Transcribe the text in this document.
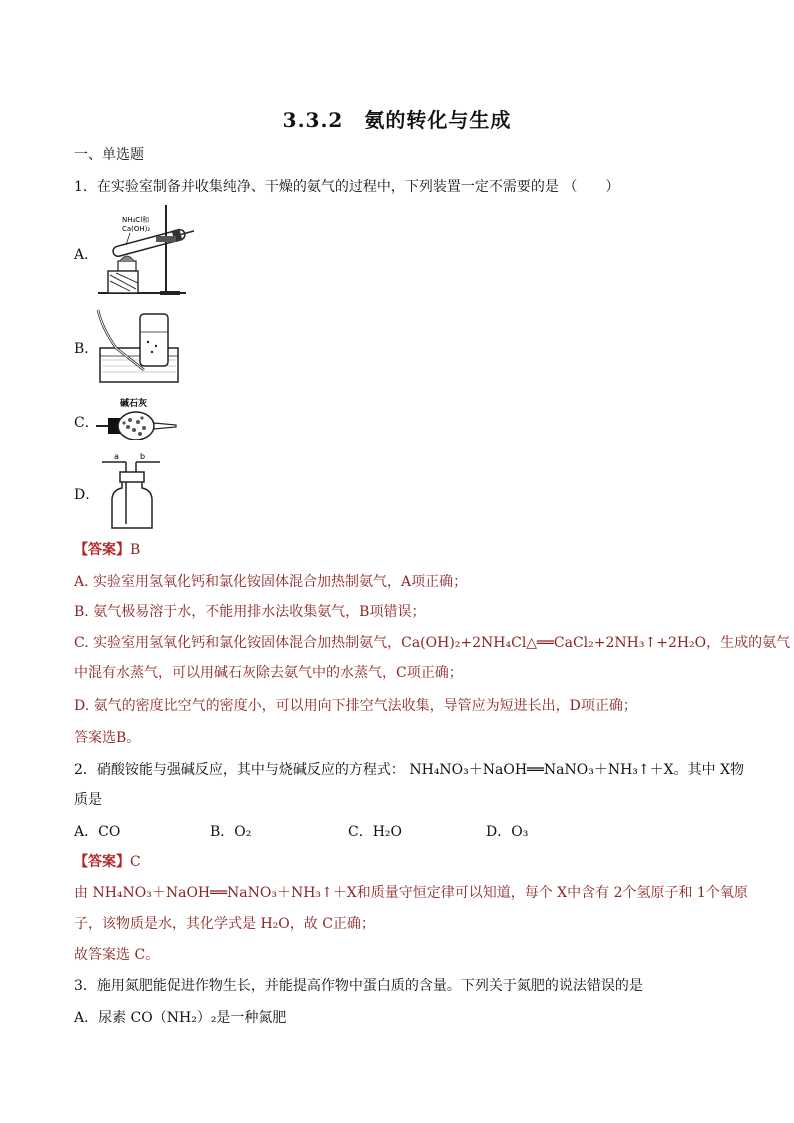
3.3.2　氨的转化与生成
一、单选题
1．在实验室制备并收集纯净、干燥的氨气的过程中，下列装置一定不需要的是 （　　）
A．
NH₄Cl和
Ca(OH)₂
B．
C．
碱石灰
D．
a	b
【答案】B
A. 实验室用氢氧化钙和氯化铵固体混合加热制氨气，A项正确；
B. 氨气极易溶于水，不能用排水法收集氨气，B项错误；
C. 实验室用氢氧化钙和氯化铵固体混合加热制氨气，Ca(OH)₂+2NH₄Cl△══CaCl₂+2NH₃↑+2H₂O，生成的氨气
中混有水蒸气，可以用碱石灰除去氨气中的水蒸气，C项正确；
D. 氨气的密度比空气的密度小，可以用向下排空气法收集，导管应为短进长出，D项正确；
答案选B。
2．硝酸铵能与强碱反应，其中与烧碱反应的方程式： NH₄NO₃＋NaOH══NaNO₃＋NH₃↑＋X。其中 X物
质是
A．CO	B．O₂	C．H₂O	D．O₃
【答案】C
由 NH₄NO₃＋NaOH══NaNO₃＋NH₃↑＋X和质量守恒定律可以知道，每个 X中含有 2个氢原子和 1个氧原
子，该物质是水，其化学式是 H₂O，故 C正确；
故答案选 C。
3．施用氮肥能促进作物生长，并能提高作物中蛋白质的含量。下列关于氮肥的说法错误的是
A．尿素 CO（NH₂）₂是一种氮肥
